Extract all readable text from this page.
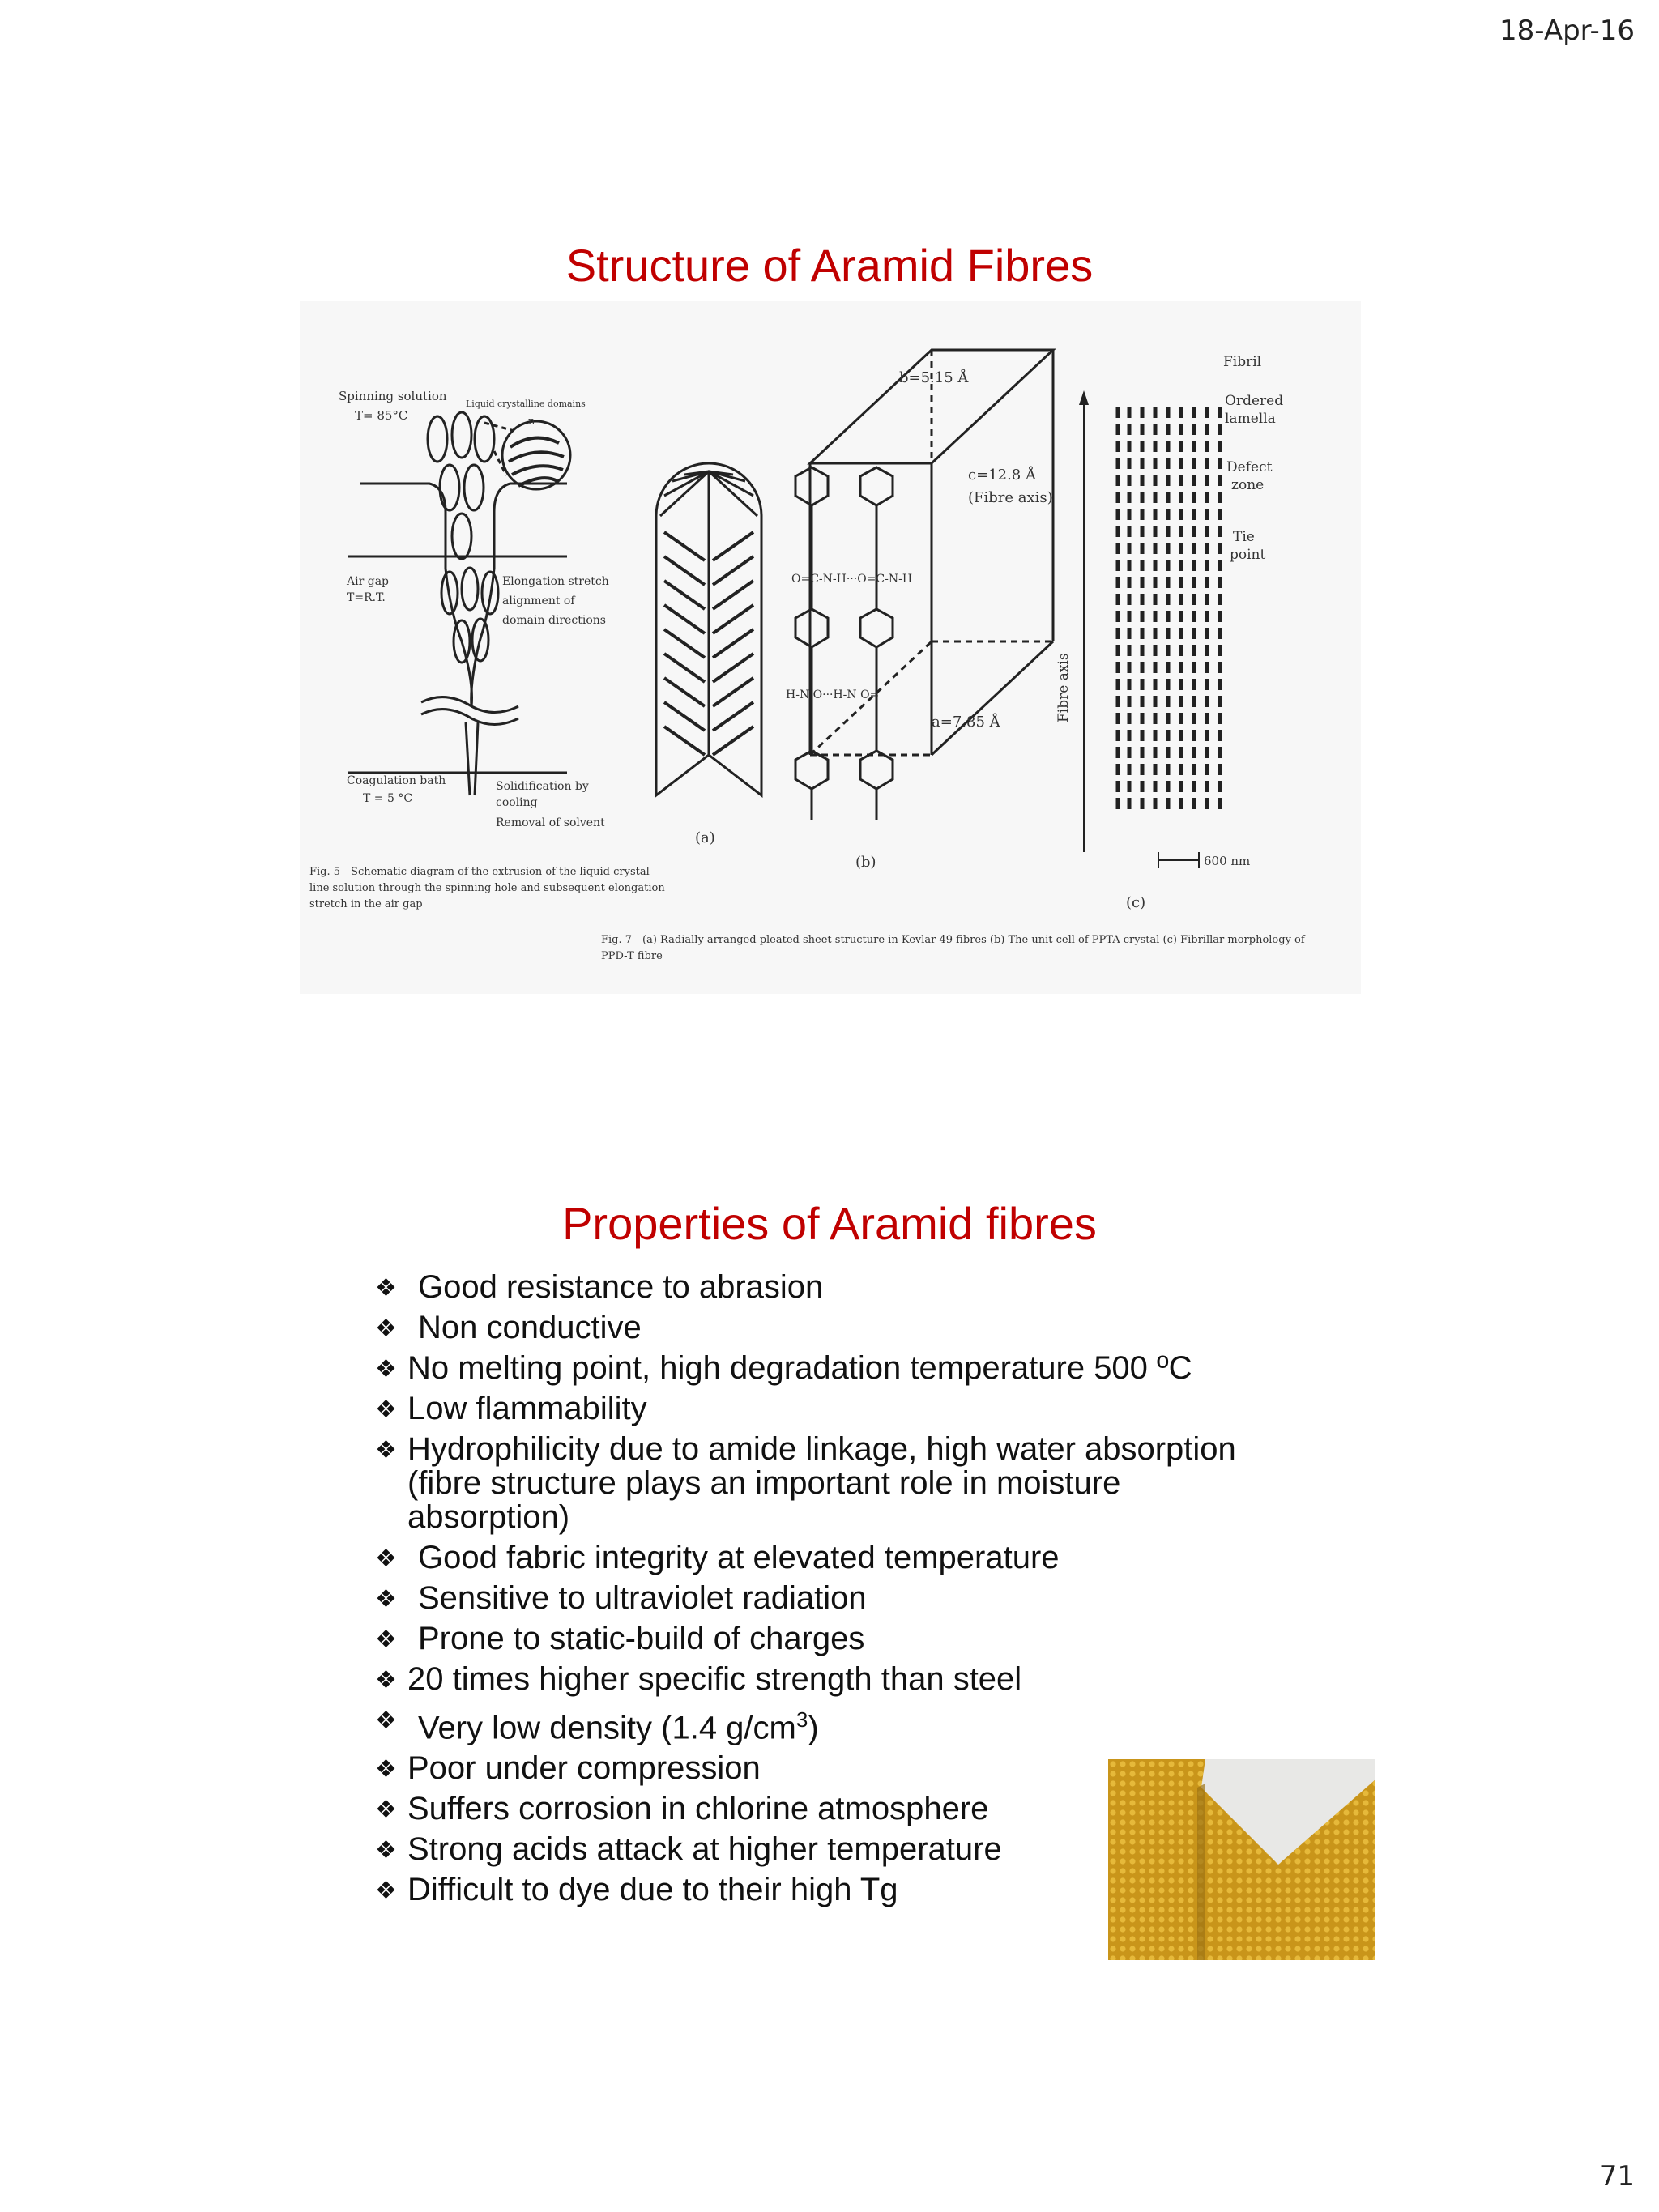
18-Apr-16
Structure of Aramid Fibres
Spinning solution
T= 85°C
Liquid crystalline domains
n
Air gap
T=R.T.
Elongation stretch
alignment of
domain directions
Coagulation bath
T = 5 °C
Solidification by
cooling
Removal of solvent
Fig. 5—Schematic diagram of the extrusion of the liquid crystal-
line solution through the spinning hole and subsequent elongation
stretch in the air gap
(a)
b=5.15 Å
c=12.8 Å
(Fibre axis)
a=7.85 Å
O=C-N-H···O=C-N-H
H-N O···H-N O=
(b)
Fibril
Ordered
lamella
Defect
zone
Tie
point
Fibre axis
600 nm
(c)
Fig. 7—(a) Radially arranged pleated sheet structure in Kevlar 49 fibres (b) The unit cell of PPTA crystal (c) Fibrillar morphology of
PPD-T fibre
Properties of Aramid fibres
❖ Good resistance to abrasion
❖ Non conductive
❖ No melting point, high degradation temperature 500 ºC
❖ Low flammability
❖ Hydrophilicity due to amide linkage, high water absorption
(fibre structure plays an important role in moisture
absorption)
❖ Good fabric integrity at elevated temperature
❖ Sensitive to ultraviolet radiation
❖ Prone to static-build of charges
❖ 20 times higher specific strength than steel
❖ Very low density (1.4 $g/cm^3$)
❖ Poor under compression
❖ Suffers corrosion in chlorine atmosphere
❖ Strong acids attack at higher temperature
❖ Difficult to dye due to their high Tg
71
